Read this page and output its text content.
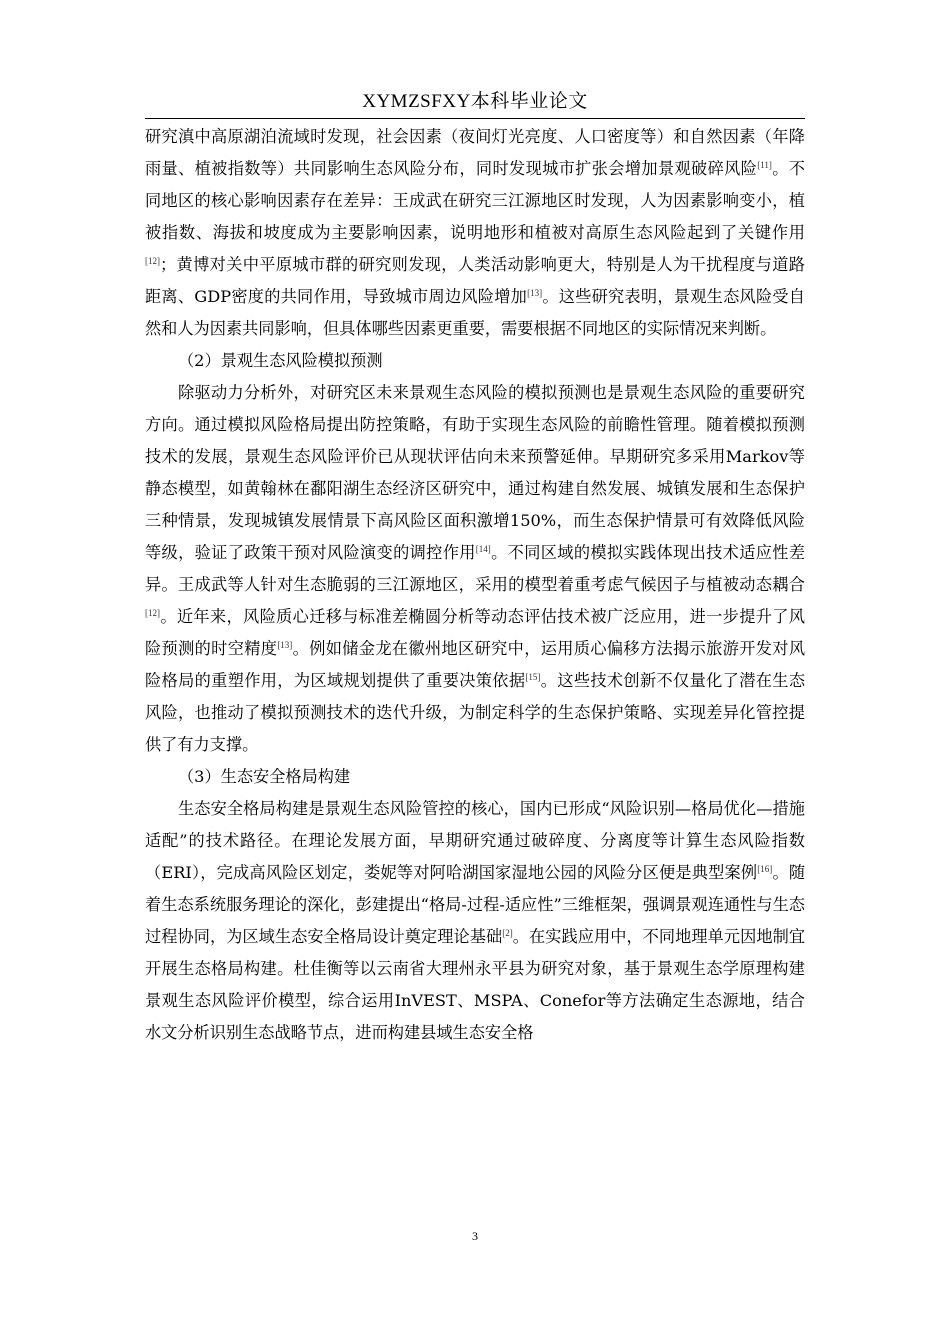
XYMZSFXY本科毕业论文

研究滇中高原湖泊流域时发现，社会因素（夜间灯光亮度、人口密度等）和自然因素（年降雨量、植被指数等）共同影响生态风险分布，同时发现城市扩张会增加景观破碎风险[11]。不同地区的核心影响因素存在差异：王成武在研究三江源地区时发现，人为因素影响变小，植被指数、海拔和坡度成为主要影响因素，说明地形和植被对高原生态风险起到了关键作用[12]；黄博对关中平原城市群的研究则发现，人类活动影响更大，特别是人为干扰程度与道路距离、GDP密度的共同作用，导致城市周边风险增加[13]。这些研究表明，景观生态风险受自然和人为因素共同影响，但具体哪些因素更重要，需要根据不同地区的实际情况来判断。

（2）景观生态风险模拟预测

除驱动力分析外，对研究区未来景观生态风险的模拟预测也是景观生态风险的重要研究方向。通过模拟风险格局提出防控策略，有助于实现生态风险的前瞻性管理。随着模拟预测技术的发展，景观生态风险评价已从现状评估向未来预警延伸。早期研究多采用Markov等静态模型，如黄翰林在鄱阳湖生态经济区研究中，通过构建自然发展、城镇发展和生态保护三种情景，发现城镇发展情景下高风险区面积激增150%，而生态保护情景可有效降低风险等级，验证了政策干预对风险演变的调控作用[14]。不同区域的模拟实践体现出技术适应性差异。王成武等人针对生态脆弱的三江源地区，采用的模型着重考虑气候因子与植被动态耦合[12]。近年来，风险质心迁移与标准差椭圆分析等动态评估技术被广泛应用，进一步提升了风险预测的时空精度[13]。例如储金龙在徽州地区研究中，运用质心偏移方法揭示旅游开发对风险格局的重塑作用，为区域规划提供了重要决策依据[15]。这些技术创新不仅量化了潜在生态风险，也推动了模拟预测技术的迭代升级，为制定科学的生态保护策略、实现差异化管控提供了有力支撑。

（3）生态安全格局构建

生态安全格局构建是景观生态风险管控的核心，国内已形成“风险识别—格局优化—措施适配”的技术路径。在理论发展方面，早期研究通过破碎度、分离度等计算生态风险指数（ERI），完成高风险区划定，娄妮等对阿哈湖国家湿地公园的风险分区便是典型案例[16]。随着生态系统服务理论的深化，彭建提出“格局-过程-适应性”三维框架，强调景观连通性与生态过程协同，为区域生态安全格局设计奠定理论基础[2]。在实践应用中，不同地理单元因地制宜开展生态格局构建。杜佳衡等以云南省大理州永平县为研究对象，基于景观生态学原理构建景观生态风险评价模型，综合运用InVEST、MSPA、Conefor等方法确定生态源地，结合水文分析识别生态战略节点，进而构建县域生态安全格

3
